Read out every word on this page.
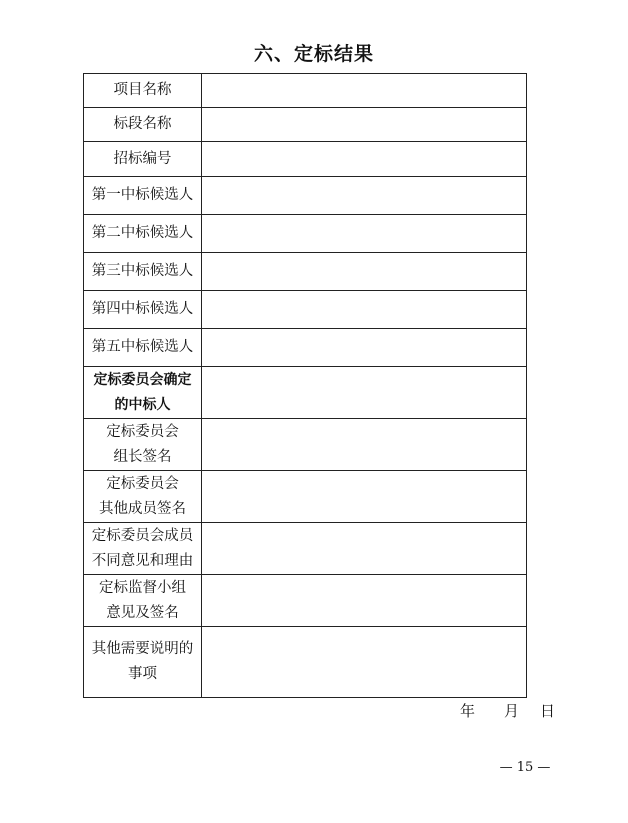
六、定标结果
项目名称	

标段名称	

招标编号	

第一中标候选人	

第二中标候选人	

第三中标候选人	

第四中标候选人	

第五中标候选人	

定标委员会确定
的中标人	

定标委员会
组长签名	

定标委员会
其他成员签名	

定标委员会成员
不同意见和理由	

定标监督小组
意见及签名	

其他需要说明的
事项	

年	月	日
— 15 —
